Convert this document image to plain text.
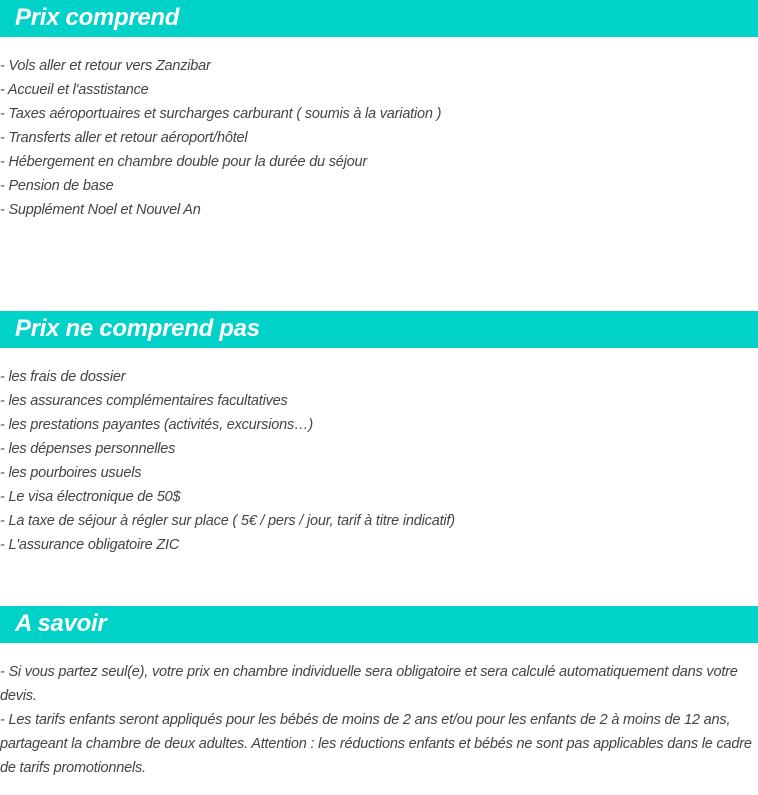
Prix comprend
- Vols aller et retour vers Zanzibar
- Accueil et l'asstistance
- Taxes aéroportuaires et surcharges carburant ( soumis à la variation )
- Transferts aller et retour aéroport/hôtel
- Hébergement en chambre double pour la durée du séjour
- Pension de base
- Supplément Noel et Nouvel An
Prix ne comprend pas
- les frais de dossier
- les assurances complémentaires facultatives
- les prestations payantes (activités, excursions…)
- les dépenses personnelles
- les pourboires usuels
- Le visa électronique de 50$
- La taxe de séjour à régler sur place ( 5€ / pers / jour, tarif à titre indicatif)
- L'assurance obligatoire ZIC
A savoir
- Si vous partez seul(e), votre prix en chambre individuelle sera obligatoire et sera calculé automatiquement dans votre devis.
- Les tarifs enfants seront appliqués pour les bébés de moins de 2 ans et/ou pour les enfants de 2 à moins de 12 ans, partageant la chambre de deux adultes. Attention : les réductions enfants et bébés ne sont pas applicables dans le cadre de tarifs promotionnels.
